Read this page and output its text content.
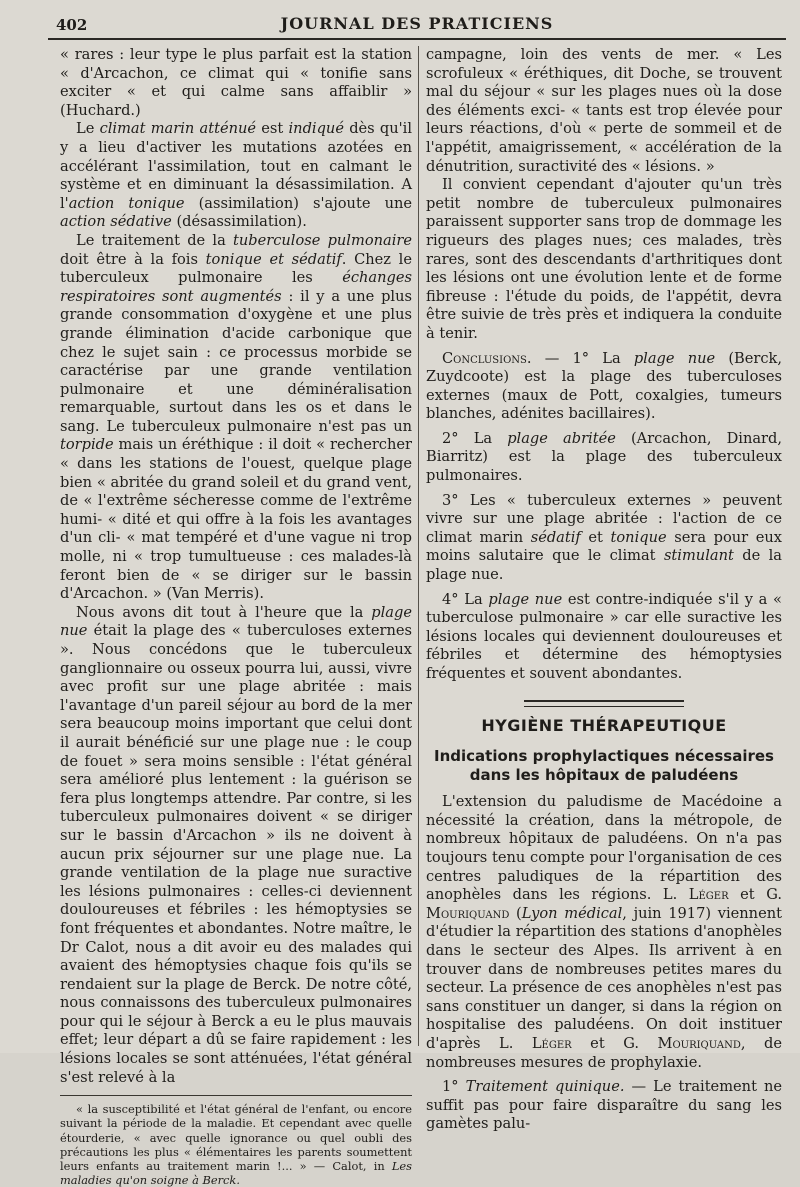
402	JOURNAL DES PRATICIENS

« rares : leur type le plus parfait est la station « d'Arcachon, ce climat qui « tonifie sans exciter « et qui calme sans affaiblir » (Huchard.)

Le climat marin atténué est indiqué dès qu'il y a lieu d'activer les mutations azotées en accélérant l'assimilation, tout en calmant le système et en diminuant la désassimilation. A l'action tonique (assimilation) s'ajoute une action sédative (désassimilation).

Le traitement de la tuberculose pulmonaire doit être à la fois tonique et sédatif. Chez le tuberculeux pulmonaire les échanges respiratoires sont augmentés : il y a une plus grande consommation d'oxygène et une plus grande élimination d'acide carbonique que chez le sujet sain : ce processus morbide se caractérise par une grande ventilation pulmonaire et une déminéralisation remarquable, surtout dans les os et dans le sang. Le tuberculeux pulmonaire n'est pas un torpide mais un éréthique : il doit « rechercher « dans les stations de l'ouest, quelque plage bien « abritée du grand soleil et du grand vent, de « l'extrême sécheresse comme de l'extrême humi- « dité et qui offre à la fois les avantages d'un cli- « mat tempéré et d'une vague ni trop molle, ni « trop tumultueuse : ces malades-là feront bien de « se diriger sur le bassin d'Arcachon. » (Van Merris).

Nous avons dit tout à l'heure que la plage nue était la plage des « tuberculoses externes ». Nous concédons que le tuberculeux ganglionnaire ou osseux pourra lui, aussi, vivre avec profit sur une plage abritée : mais l'avantage d'un pareil séjour au bord de la mer sera beaucoup moins important que celui dont il aurait bénéficié sur une plage nue : le coup de fouet » sera moins sensible : l'état général sera amélioré plus lentement : la guérison se fera plus longtemps attendre. Par contre, si les tuberculeux pulmonaires doivent « se diriger sur le bassin d'Arcachon » ils ne doivent à aucun prix séjourner sur une plage nue. La grande ventilation de la plage nue suractive les lésions pulmonaires : celles-ci deviennent douloureuses et fébriles : les hémoptysies se font fréquentes et abondantes. Notre maître, le Dr Calot, nous a dit avoir eu des malades qui avaient des hémoptysies chaque fois qu'ils se rendaient sur la plage de Berck. De notre côté, nous connaissons des tuberculeux pulmonaires pour qui le séjour à Berck a eu le plus mauvais effet; leur départ a dû se faire rapidement : les lésions locales se sont atténuées, l'état général s'est relevé à la

« la susceptibilité et l'état général de l'enfant, ou encore suivant la période de la maladie. Et cependant avec quelle étourderie, « avec quelle ignorance ou quel oubli des précautions les plus « élémentaires les parents soumettent leurs enfants au traitement marin !... » — Calot, in Les maladies qu'on soigne à Berck.

campagne, loin des vents de mer. « Les scrofuleux « éréthiques, dit Doche, se trouvent mal du séjour « sur les plages nues où la dose des éléments exci- « tants est trop élevée pour leurs réactions, d'où « perte de sommeil et de l'appétit, amaigrissement, « accélération de la dénutrition, suractivité des « lésions. »

Il convient cependant d'ajouter qu'un très petit nombre de tuberculeux pulmonaires paraissent supporter sans trop de dommage les rigueurs des plages nues; ces malades, très rares, sont des descendants d'arthritiques dont les lésions ont une évolution lente et de forme fibreuse : l'étude du poids, de l'appétit, devra être suivie de très près et indiquera la conduite à tenir.

Conclusions. — 1° La plage nue (Berck, Zuydcoote) est la plage des tuberculoses externes (maux de Pott, coxalgies, tumeurs blanches, adénites bacillaires).

2° La plage abritée (Arcachon, Dinard, Biarritz) est la plage des tuberculeux pulmonaires.

3° Les « tuberculeux externes » peuvent vivre sur une plage abritée : l'action de ce climat marin sédatif et tonique sera pour eux moins salutaire que le climat stimulant de la plage nue.

4° La plage nue est contre-indiquée s'il y a « tuberculose pulmonaire » car elle suractive les lésions locales qui deviennent douloureuses et fébriles et détermine des hémoptysies fréquentes et souvent abondantes.

HYGIÈNE THÉRAPEUTIQUE
Indications prophylactiques nécessaires
dans les hôpitaux de paludéens

L'extension du paludisme de Macédoine a nécessité la création, dans la métropole, de nombreux hôpitaux de paludéens. On n'a pas toujours tenu compte pour l'organisation de ces centres paludiques de la répartition des anophèles dans les régions. L. Léger et G. Mouriquand (Lyon médical, juin 1917) viennent d'étudier la répartition des stations d'anophèles dans le secteur des Alpes. Ils arrivent à en trouver dans de nombreuses petites mares du secteur. La présence de ces anophèles n'est pas sans constituer un danger, si dans la région on hospitalise des paludéens. On doit instituer d'après L. Léger et G. Mouriquand, de nombreuses mesures de prophylaxie.

1° Traitement quinique. — Le traitement ne suffit pas pour faire disparaître du sang les gamètes palu-
